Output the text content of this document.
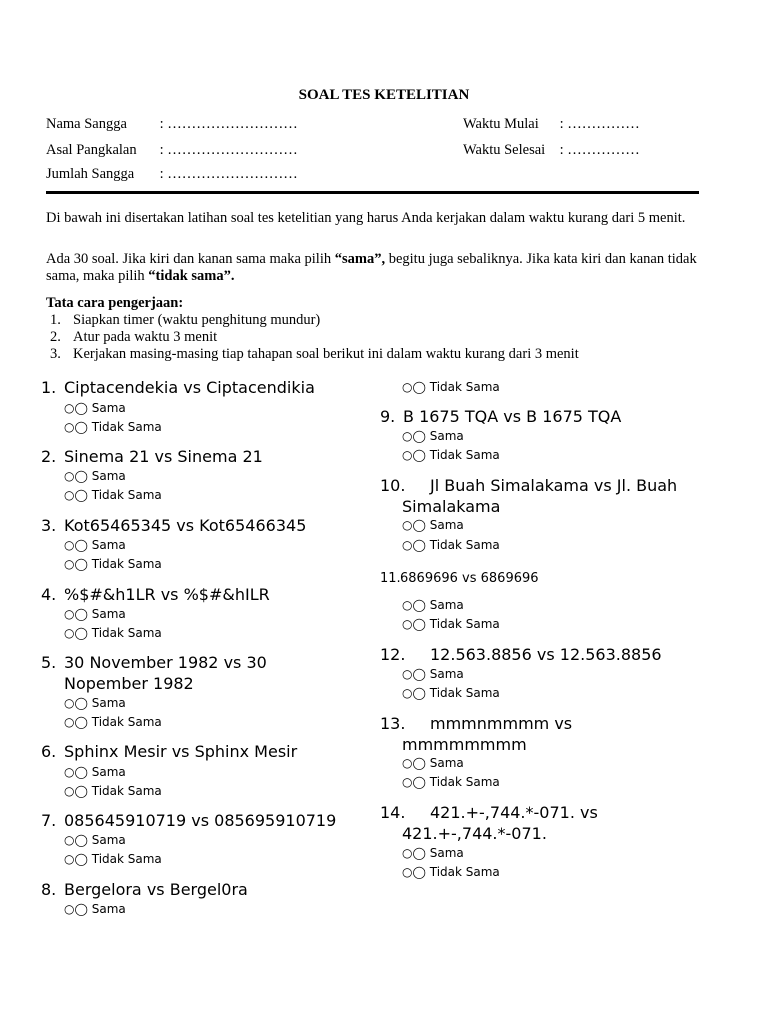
SOAL TES KETELITIAN
Nama Sangga : ………………………
Asal Pangkalan : ………………………
Jumlah Sangga : ………………………
Waktu Mulai : ……………
Waktu Selesai : ……………
Di bawah ini disertakan latihan soal tes ketelitian yang harus Anda kerjakan dalam waktu kurang dari 5 menit.
Ada 30 soal. Jika kiri dan kanan sama maka pilih “sama”, begitu juga sebaliknya. Jika kata kiri dan kanan tidak sama, maka pilih “tidak sama”.
Tata cara pengerjaan:
1. Siapkan timer (waktu penghitung mundur)
2. Atur pada waktu 3 menit
3. Kerjakan masing-masing tiap tahapan soal berikut ini dalam waktu kurang dari 3 menit
1. Ciptacendekia vs Ciptacendikia
○◯ Sama
○◯ Tidak Sama
2. Sinema 21 vs Sinema 21
○◯ Sama
○◯ Tidak Sama
3. Kot65465345 vs Kot65466345
○◯ Sama
○◯ Tidak Sama
4. %$#&h1LR vs %$#&hILR
○◯ Sama
○◯ Tidak Sama
5. 30 November 1982 vs 30
Nopember 1982
○◯ Sama
○◯ Tidak Sama
6. Sphinx Mesir vs Sphinx Mesir
○◯ Sama
○◯ Tidak Sama
7. 085645910719 vs 085695910719
○◯ Sama
○◯ Tidak Sama
8. Bergelora vs Bergel0ra
○◯ Sama
○◯ Tidak Sama
9. B 1675 TQA vs B 1675 TQA
○◯ Sama
○◯ Tidak Sama
10. Jl Buah Simalakama vs Jl. Buah
Simalakama
○◯ Sama
○◯ Tidak Sama
11.6869696 vs 6869696
○◯ Sama
○◯ Tidak Sama
12. 12.563.8856 vs 12.563.8856
○◯ Sama
○◯ Tidak Sama
13. mmmnmmmm vs
mmmmmmmm
○◯ Sama
○◯ Tidak Sama
14. 421.+-,744.*-071. vs
421.+-,744.*-071.
○◯ Sama
○◯ Tidak Sama
